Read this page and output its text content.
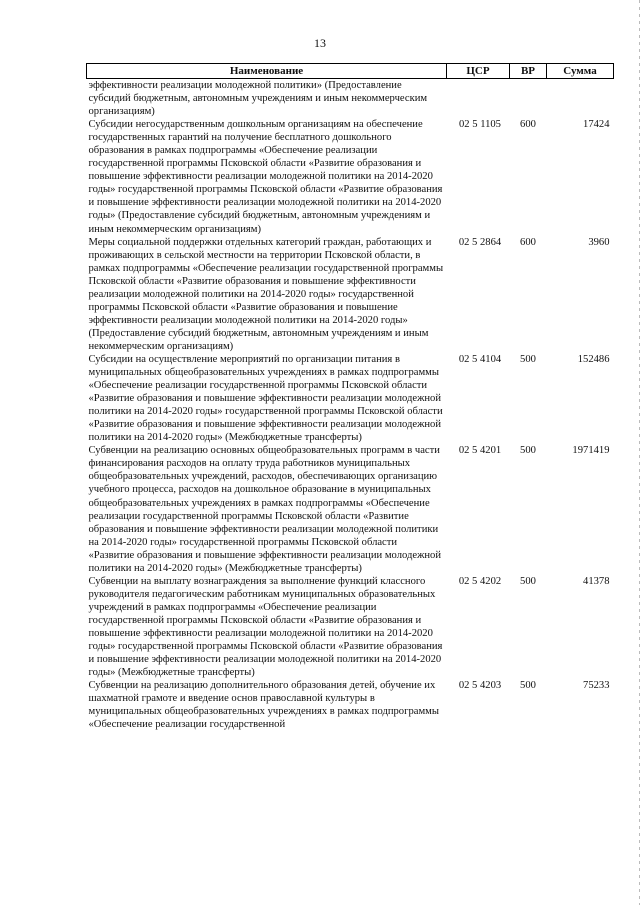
13
Наименование	ЦСР	ВР	Сумма
эффективности реализации молодежной политики» (Предоставление субсидий бюджетным, автономным учреждениям и иным некоммерческим организациям)			
Субсидии негосударственным дошкольным организациям на обеспечение государственных гарантий на получение бесплатного дошкольного образования в рамках подпрограммы «Обеспечение реализации государственной программы Псковской области «Развитие образования и повышение эффективности реализации молодежной политики на 2014-2020 годы» государственной программы Псковской области «Развитие образования и повышение эффективности реализации молодежной политики на 2014-2020 годы» (Предоставление субсидий бюджетным, автономным учреждениям и иным некоммерческим организациям)	02 5 1105	600	17424
Меры социальной поддержки отдельных категорий граждан, работающих и проживающих в сельской местности на территории Псковской области, в рамках подпрограммы «Обеспечение реализации государственной программы Псковской области «Развитие образования и повышение эффективности реализации молодежной политики на 2014-2020 годы» государственной программы Псковской области «Развитие образования и повышение эффективности реализации молодежной политики на 2014-2020 годы» (Предоставление субсидий бюджетным, автономным учреждениям и иным некоммерческим организациям)	02 5 2864	600	3960
Субсидии на осуществление мероприятий по организации питания в муниципальных общеобразовательных учреждениях в рамках подпрограммы «Обеспечение реализации государственной программы Псковской области «Развитие образования и повышение эффективности реализации молодежной политики на 2014-2020 годы» государственной программы Псковской области «Развитие образования и повышение эффективности реализации молодежной политики на 2014-2020 годы» (Межбюджетные трансферты)	02 5 4104	500	152486
Субвенции на реализацию основных общеобразовательных программ в части финансирования расходов на оплату труда работников муниципальных общеобразовательных учреждений, расходов, обеспечивающих организацию учебного процесса, расходов на дошкольное образование в муниципальных общеобразовательных учреждениях в рамках подпрограммы «Обеспечение реализации государственной программы Псковской области «Развитие образования и повышение эффективности реализации молодежной политики на 2014-2020 годы» государственной программы Псковской области «Развитие образования и повышение эффективности реализации молодежной политики на 2014-2020 годы» (Межбюджетные трансферты)	02 5 4201	500	1971419
Субвенции на выплату вознаграждения за выполнение функций классного руководителя педагогическим работникам муниципальных образовательных учреждений в рамках подпрограммы «Обеспечение реализации государственной программы Псковской области «Развитие образования и повышение эффективности реализации молодежной политики на 2014-2020 годы» государственной программы Псковской области «Развитие образования и повышение эффективности реализации молодежной политики на 2014-2020 годы» (Межбюджетные трансферты)	02 5 4202	500	41378
Субвенции на реализацию дополнительного образования детей, обучение их шахматной грамоте и введение основ православной культуры в муниципальных общеобразовательных учреждениях в рамках подпрограммы «Обеспечение реализации государственной	02 5 4203	500	75233
